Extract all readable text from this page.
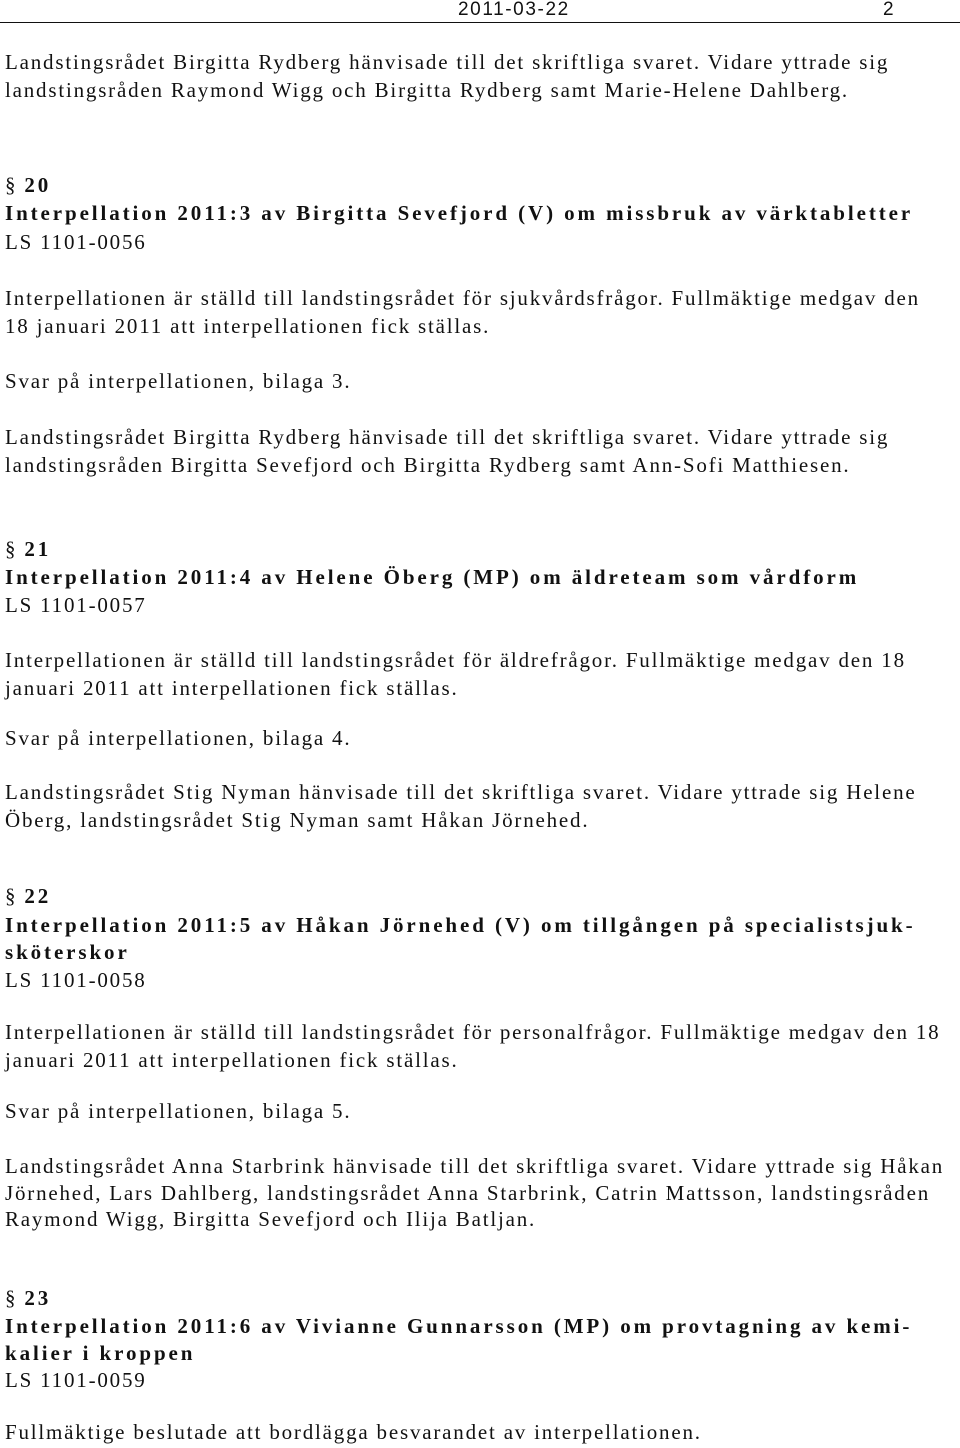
2011-03-22	2
Landstingsrådet Birgitta Rydberg hänvisade till det skriftliga svaret. Vidare yttrade sig
landstingsråden Raymond Wigg och Birgitta Rydberg samt Marie-Helene Dahlberg.
§ 20
Interpellation 2011:3 av Birgitta Sevefjord (V) om missbruk av värktabletter
LS 1101-0056
Interpellationen är ställd till landstingsrådet för sjukvårdsfrågor. Fullmäktige medgav den
18 januari 2011 att interpellationen fick ställas.
Svar på interpellationen, bilaga 3.
Landstingsrådet Birgitta Rydberg hänvisade till det skriftliga svaret. Vidare yttrade sig
landstingsråden Birgitta Sevefjord och Birgitta Rydberg samt Ann-Sofi Matthiesen.
§ 21
Interpellation 2011:4 av Helene Öberg (MP) om äldreteam som vårdform
LS 1101-0057
Interpellationen är ställd till landstingsrådet för äldrefrågor. Fullmäktige medgav den 18
januari 2011 att interpellationen fick ställas.
Svar på interpellationen, bilaga 4.
Landstingsrådet Stig Nyman hänvisade till det skriftliga svaret. Vidare yttrade sig Helene
Öberg, landstingsrådet Stig Nyman samt Håkan Jörnehed.
§ 22
Interpellation 2011:5 av Håkan Jörnehed (V) om tillgången på specialistsjuk-
sköterskor
LS 1101-0058
Interpellationen är ställd till landstingsrådet för personalfrågor. Fullmäktige medgav den 18
januari 2011 att interpellationen fick ställas.
Svar på interpellationen, bilaga 5.
Landstingsrådet Anna Starbrink hänvisade till det skriftliga svaret. Vidare yttrade sig Håkan
Jörnehed, Lars Dahlberg, landstingsrådet Anna Starbrink, Catrin Mattsson, landstingsråden
Raymond Wigg, Birgitta Sevefjord och Ilija Batljan.
§ 23
Interpellation 2011:6 av Vivianne Gunnarsson (MP) om provtagning av kemi-
kalier i kroppen
LS 1101-0059
Fullmäktige beslutade att bordlägga besvarandet av interpellationen.
